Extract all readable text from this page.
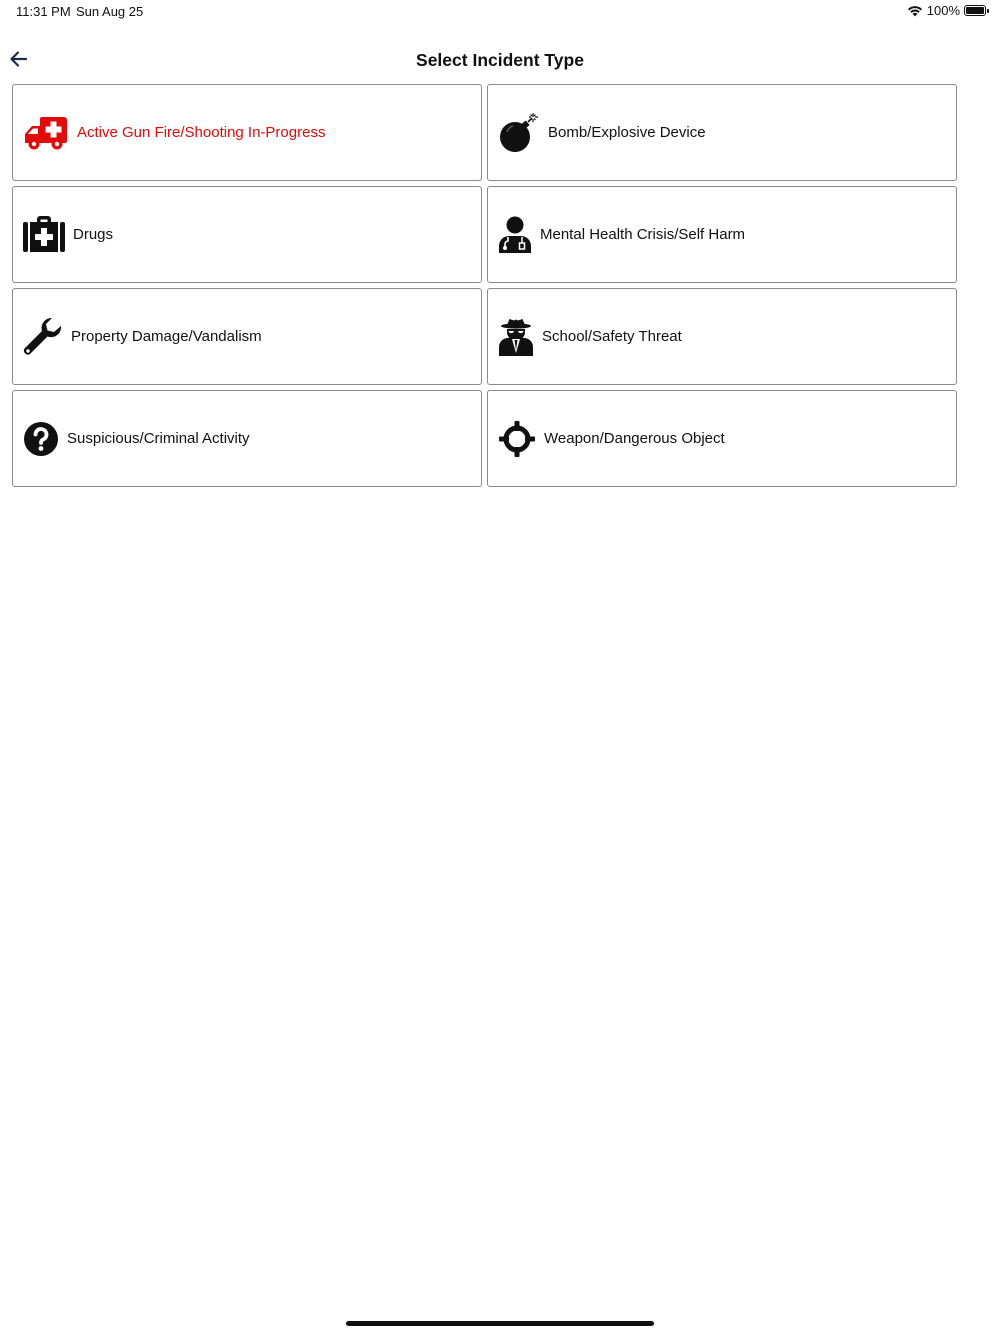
11:31 PM Sun Aug 25	100%
Select Incident Type
Active Gun Fire/Shooting In-Progress	Bomb/Explosive Device
Drugs	Mental Health Crisis/Self Harm
Property Damage/Vandalism	School/Safety Threat
Suspicious/Criminal Activity	Weapon/Dangerous Object
